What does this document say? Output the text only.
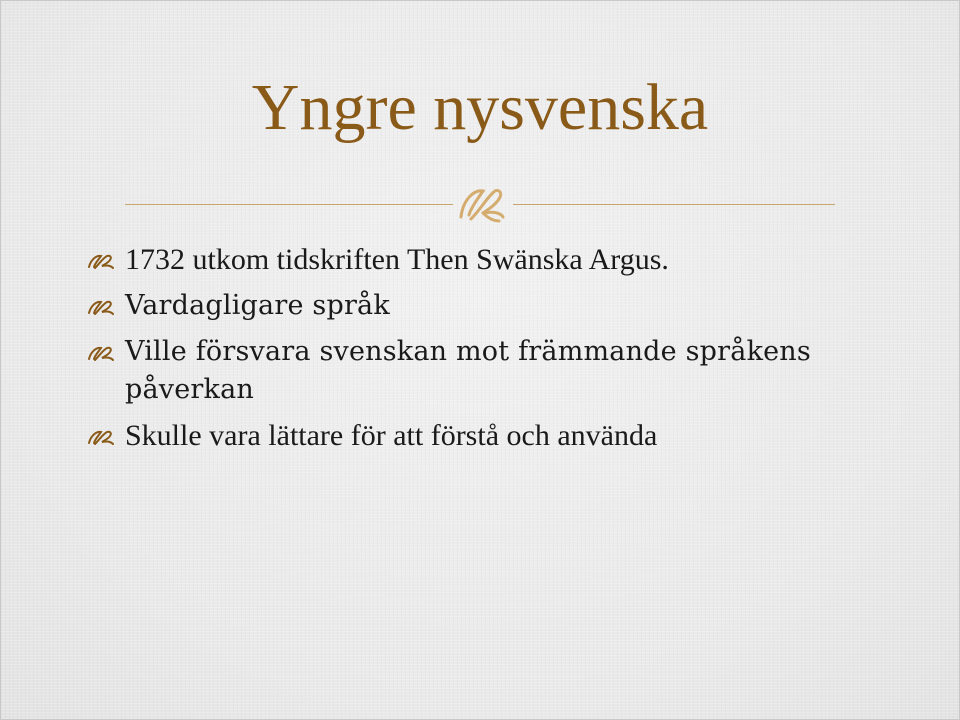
Yngre nysvenska
1732 utkom tidskriften Then Swänska Argus.
Vardagligare språk
Ville försvara svenskan mot främmande språkens påverkan
Skulle vara lättare för att förstå och använda
